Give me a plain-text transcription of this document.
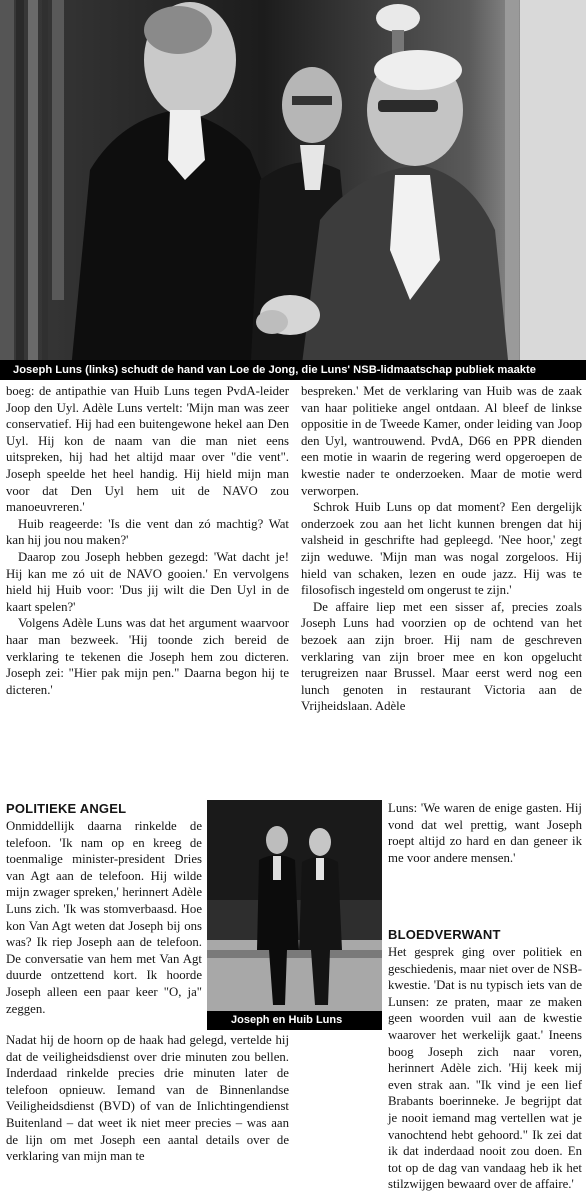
Joseph Luns (links) schudt de hand van Loe de Jong, die Luns' NSB-lidmaatschap publiek maakte

boeg: de antipathie van Huib Luns tegen PvdA-leider Joop den Uyl. Adèle Luns vertelt: 'Mijn man was zeer conservatief. Hij had een buitengewone hekel aan Den Uyl. Hij kon de naam van die man niet eens uitspreken, hij had het altijd maar over "die vent". Joseph speelde het heel handig. Hij hield mijn man voor dat Den Uyl hem uit de NAVO zou manoeuvreren.'

Huib reageerde: 'Is die vent dan zó machtig? Wat kan hij jou nou maken?'

Daarop zou Joseph hebben gezegd: 'Wat dacht je! Hij kan me zó uit de NAVO gooien.' En vervolgens hield hij Huib voor: 'Dus jij wilt die Den Uyl in de kaart spelen?'

Volgens Adèle Luns was dat het argument waarvoor haar man bezweek. 'Hij toonde zich bereid de verklaring te tekenen die Joseph hem zou dicteren. Joseph zei: "Hier pak mijn pen." Daarna begon hij te dicteren.'

bespreken.' Met de verklaring van Huib was de zaak van haar politieke angel ontdaan. Al bleef de linkse oppositie in de Tweede Kamer, onder leiding van Joop den Uyl, wantrouwend. PvdA, D66 en PPR dienden een motie in waarin de regering werd opgeroepen de kwestie nader te onderzoeken. Maar de motie werd verworpen.

Schrok Huib Luns op dat moment? Een dergelijk onderzoek zou aan het licht kunnen brengen dat hij valsheid in geschrifte had gepleegd. 'Nee hoor,' zegt zijn weduwe. 'Mijn man was nogal zorgeloos. Hij hield van schaken, lezen en oude jazz. Hij was te filosofisch ingesteld om ongerust te zijn.'

De affaire liep met een sisser af, precies zoals Joseph Luns had voorzien op de ochtend van het bezoek aan zijn broer. Hij nam de geschreven verklaring van zijn broer mee en kon opgelucht terugreizen naar Brussel. Maar eerst werd nog een lunch genoten in restaurant Victoria aan de Vrijheidslaan. Adèle

POLITIEKE ANGEL

Onmiddellijk daarna rinkelde de telefoon. 'Ik nam op en kreeg de toenmalige minister-president Dries van Agt aan de telefoon. Hij wilde mijn zwager spreken,' herinnert Adèle Luns zich. 'Ik was stomverbaasd. Hoe kon Van Agt weten dat Joseph bij ons was? Ik riep Joseph aan de telefoon. De conversatie van hem met Van Agt duurde ontzettend kort. Ik hoorde Joseph alleen een paar keer "O, ja" zeggen.

Nadat hij de hoorn op de haak had gelegd, vertelde hij dat de veiligheidsdienst over drie minuten zou bellen. Inderdaad rinkelde precies drie minuten later de telefoon opnieuw. Iemand van de Binnenlandse Veiligheidsdienst (BVD) of van de Inlichtingendienst Buitenland – dat weet ik niet meer precies – was aan de lijn om met Joseph een aantal details over de verklaring van mijn man te

Joseph en Huib Luns

Luns: 'We waren de enige gasten. Hij vond dat wel prettig, want Joseph roept altijd zo hard en dan geneer ik me voor andere mensen.'

BLOEDVERWANT

Het gesprek ging over politiek en geschiedenis, maar niet over de NSB-kwestie. 'Dat is nu typisch iets van de Lunsen: ze praten, maar ze maken geen woorden vuil aan de kwestie waarover het werkelijk gaat.' Ineens boog Joseph zich naar voren, herinnert Adèle zich. 'Hij keek mij even strak aan. "Ik vind je een lief Brabants boerinneke. Je begrijpt dat je nooit iemand mag vertellen wat je vanochtend hebt gehoord." Ik zei dat ik dat inderdaad nooit zou doen. En tot op de dag van vandaag heb ik het stilzwijgen bewaard over de affaire.'
